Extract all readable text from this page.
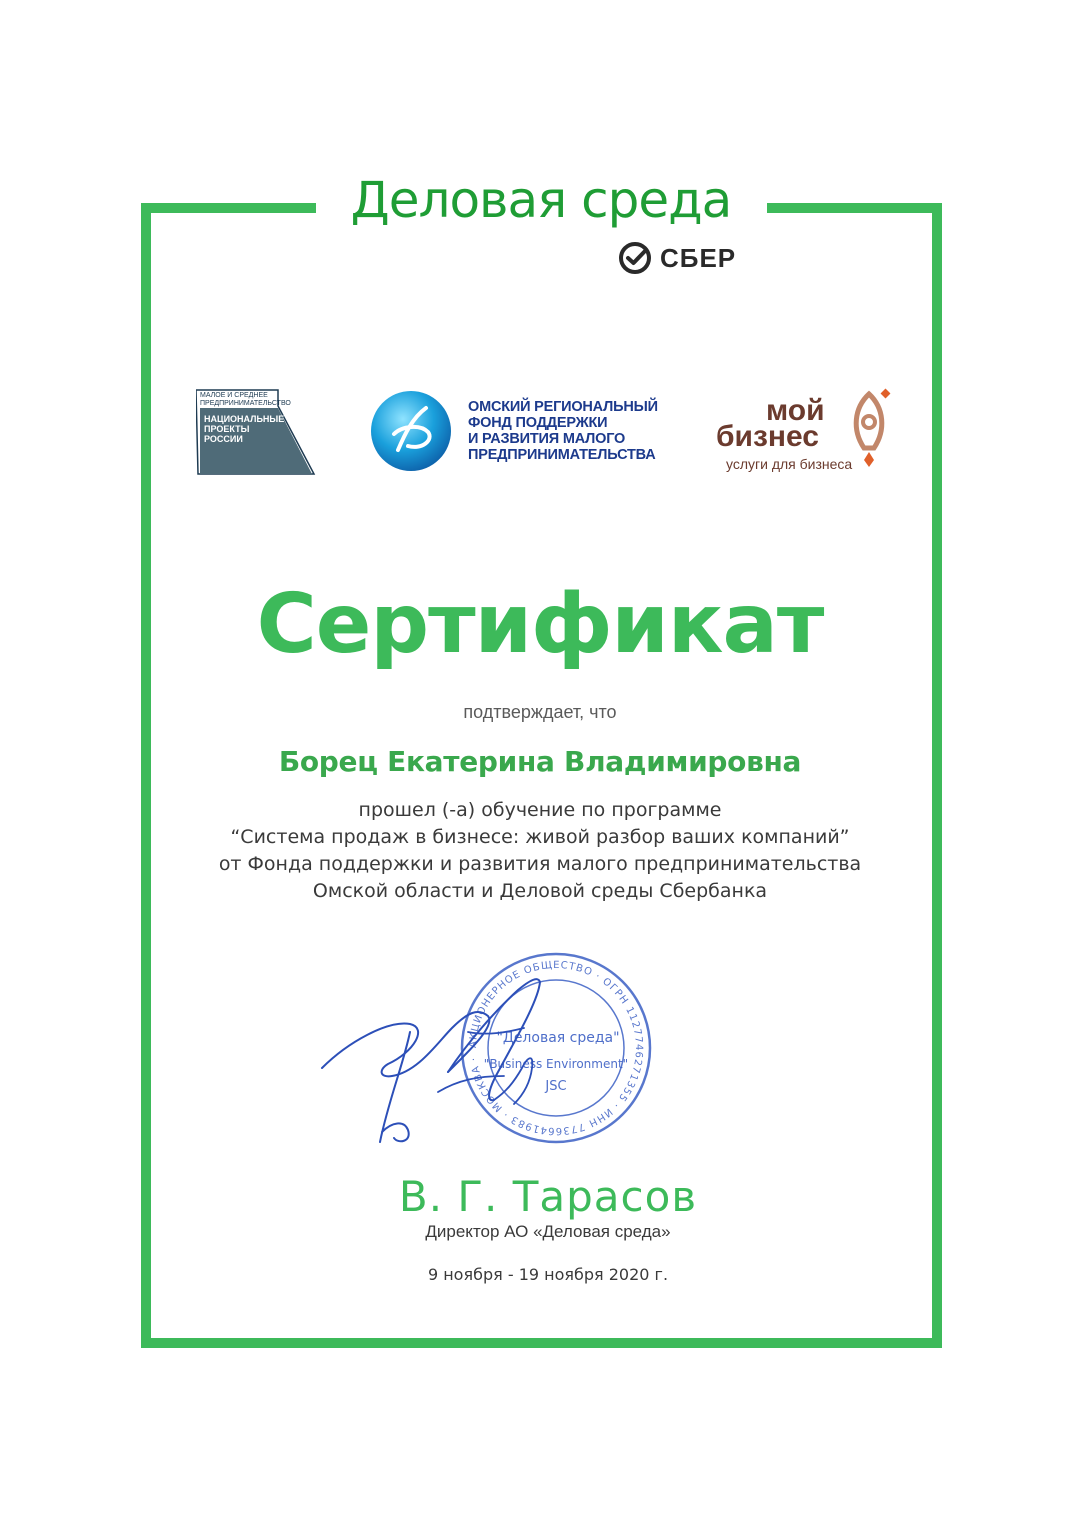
Деловая среда
СБЕР
МАЛОЕ И СРЕДНЕЕ
ПРЕДПРИНИМАТЕЛЬСТВО
НАЦИОНАЛЬНЫЕ
ПРОЕКТЫ
РОССИИ
ОМСКИЙ РЕГИОНАЛЬНЫЙ
ФОНД ПОДДЕРЖКИ
И РАЗВИТИЯ МАЛОГО
ПРЕДПРИНИМАТЕЛЬСТВА
мой
бизнес
услуги для бизнеса
Сертификат
подтверждает, что
Борец Екатерина Владимировна
прошел (-а) обучение по программе
“Система продаж в бизнесе: живой разбор ваших компаний”
от Фонда поддержки и развития малого предпринимательства
Омской области и Деловой среды Сбербанка
АКЦИОНЕРНОЕ ОБЩЕСТВО · ОГРН 1127746271355 · ИНН 7736641983 · МОСКВА ·
"Деловая среда"
"Business Environment"
JSC
В. Г. Тарасов
Директор АО «Деловая среда»
9 ноября - 19 ноября 2020 г.
